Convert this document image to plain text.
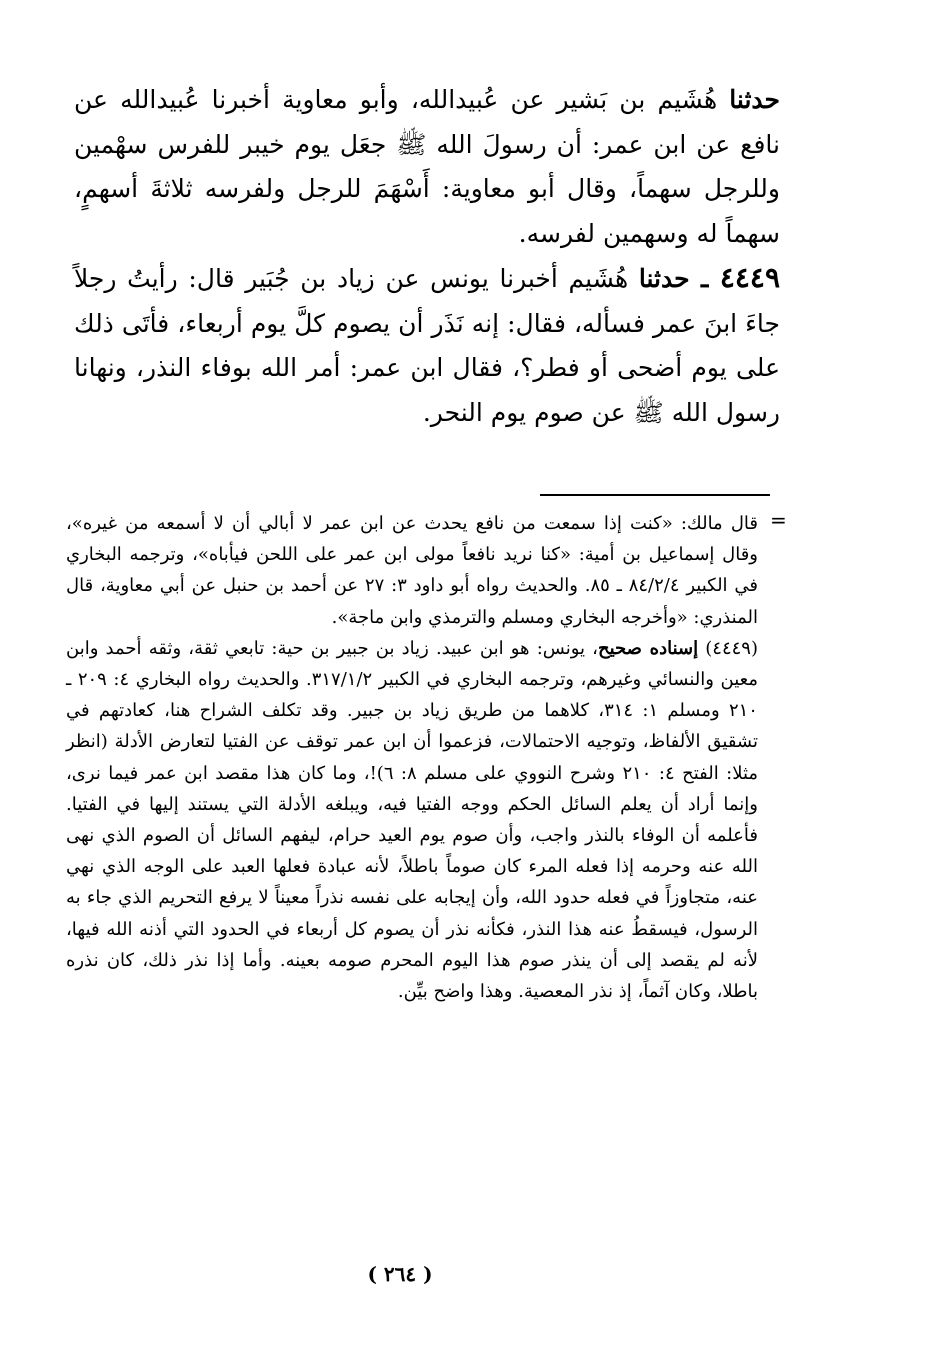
حدثنا هُشَيم بن بَشير عن عُبيدالله، وأبو معاوية أخبرنا عُبيدالله عن نافع عن ابن عمر: أن رسولَ الله ﷺ جعَل يوم خيبر للفرس سهْمين وللرجل سهماً، وقال أبو معاوية: أَسْهَمَ للرجل ولفرسه ثلاثةَ أسهمٍ، سهماً له وسهمين لفرسه.

٤٤٤٩ ـ حدثنا هُشَيم أخبرنا يونس عن زياد بن جُبَير قال: رأيتُ رجلاً جاءَ ابنَ عمر فسأله، فقال: إنه نَذَر أن يصوم كلَّ يوم أربعاء، فأتَى ذلك على يوم أضحى أو فطر؟، فقال ابن عمر: أمر الله بوفاء النذر، ونهانا رسول الله ﷺ عن صوم يوم النحر.

=

قال مالك: «كنت إذا سمعت من نافع يحدث عن ابن عمر لا أبالي أن لا أسمعه من غيره»، وقال إسماعيل بن أمية: «كنا نريد نافعاً مولى ابن عمر على اللحن فيأباه»، وترجمه البخاري في الكبير ٨٤/٢/٤ ـ ٨٥. والحديث رواه أبو داود ٣: ٢٧ عن أحمد بن حنبل عن أبي معاوية، قال المنذري: «وأخرجه البخاري ومسلم والترمذي وابن ماجة».

(٤٤٤٩) إسناده صحيح، يونس: هو ابن عبيد. زياد بن جبير بن حية: تابعي ثقة، وثقه أحمد وابن معين والنسائي وغيرهم، وترجمه البخاري في الكبير ٣١٧/١/٢. والحديث رواه البخاري ٤: ٢٠٩ ـ ٢١٠ ومسلم ١: ٣١٤، كلاهما من طريق زياد بن جبير. وقد تكلف الشراح هنا، كعادتهم في تشقيق الألفاظ، وتوجيه الاحتمالات، فزعموا أن ابن عمر توقف عن الفتيا لتعارض الأدلة (انظر مثلا: الفتح ٤: ٢١٠ وشرح النووي على مسلم ٨: ٦)!، وما كان هذا مقصد ابن عمر فيما نرى، وإنما أراد أن يعلم السائل الحكم ووجه الفتيا فيه، ويبلغه الأدلة التي يستند إليها في الفتيا. فأعلمه أن الوفاء بالنذر واجب، وأن صوم يوم العيد حرام، ليفهم السائل أن الصوم الذي نهى الله عنه وحرمه إذا فعله المرء كان صوماً باطلاً، لأنه عبادة فعلها العبد على الوجه الذي نهي عنه، متجاوزاً في فعله حدود الله، وأن إيجابه على نفسه نذراً معيناً لا يرفع التحريم الذي جاء به الرسول، فيسقطُ عنه هذا النذر، فكأنه نذر أن يصوم كل أربعاء في الحدود التي أذنه الله فيها، لأنه لم يقصد إلى أن ينذر صوم هذا اليوم المحرم صومه بعينه. وأما إذا نذر ذلك، كان نذره باطلا، وكان آثماً، إذ نذر المعصية. وهذا واضح بيِّن.

( ٢٦٤ )
